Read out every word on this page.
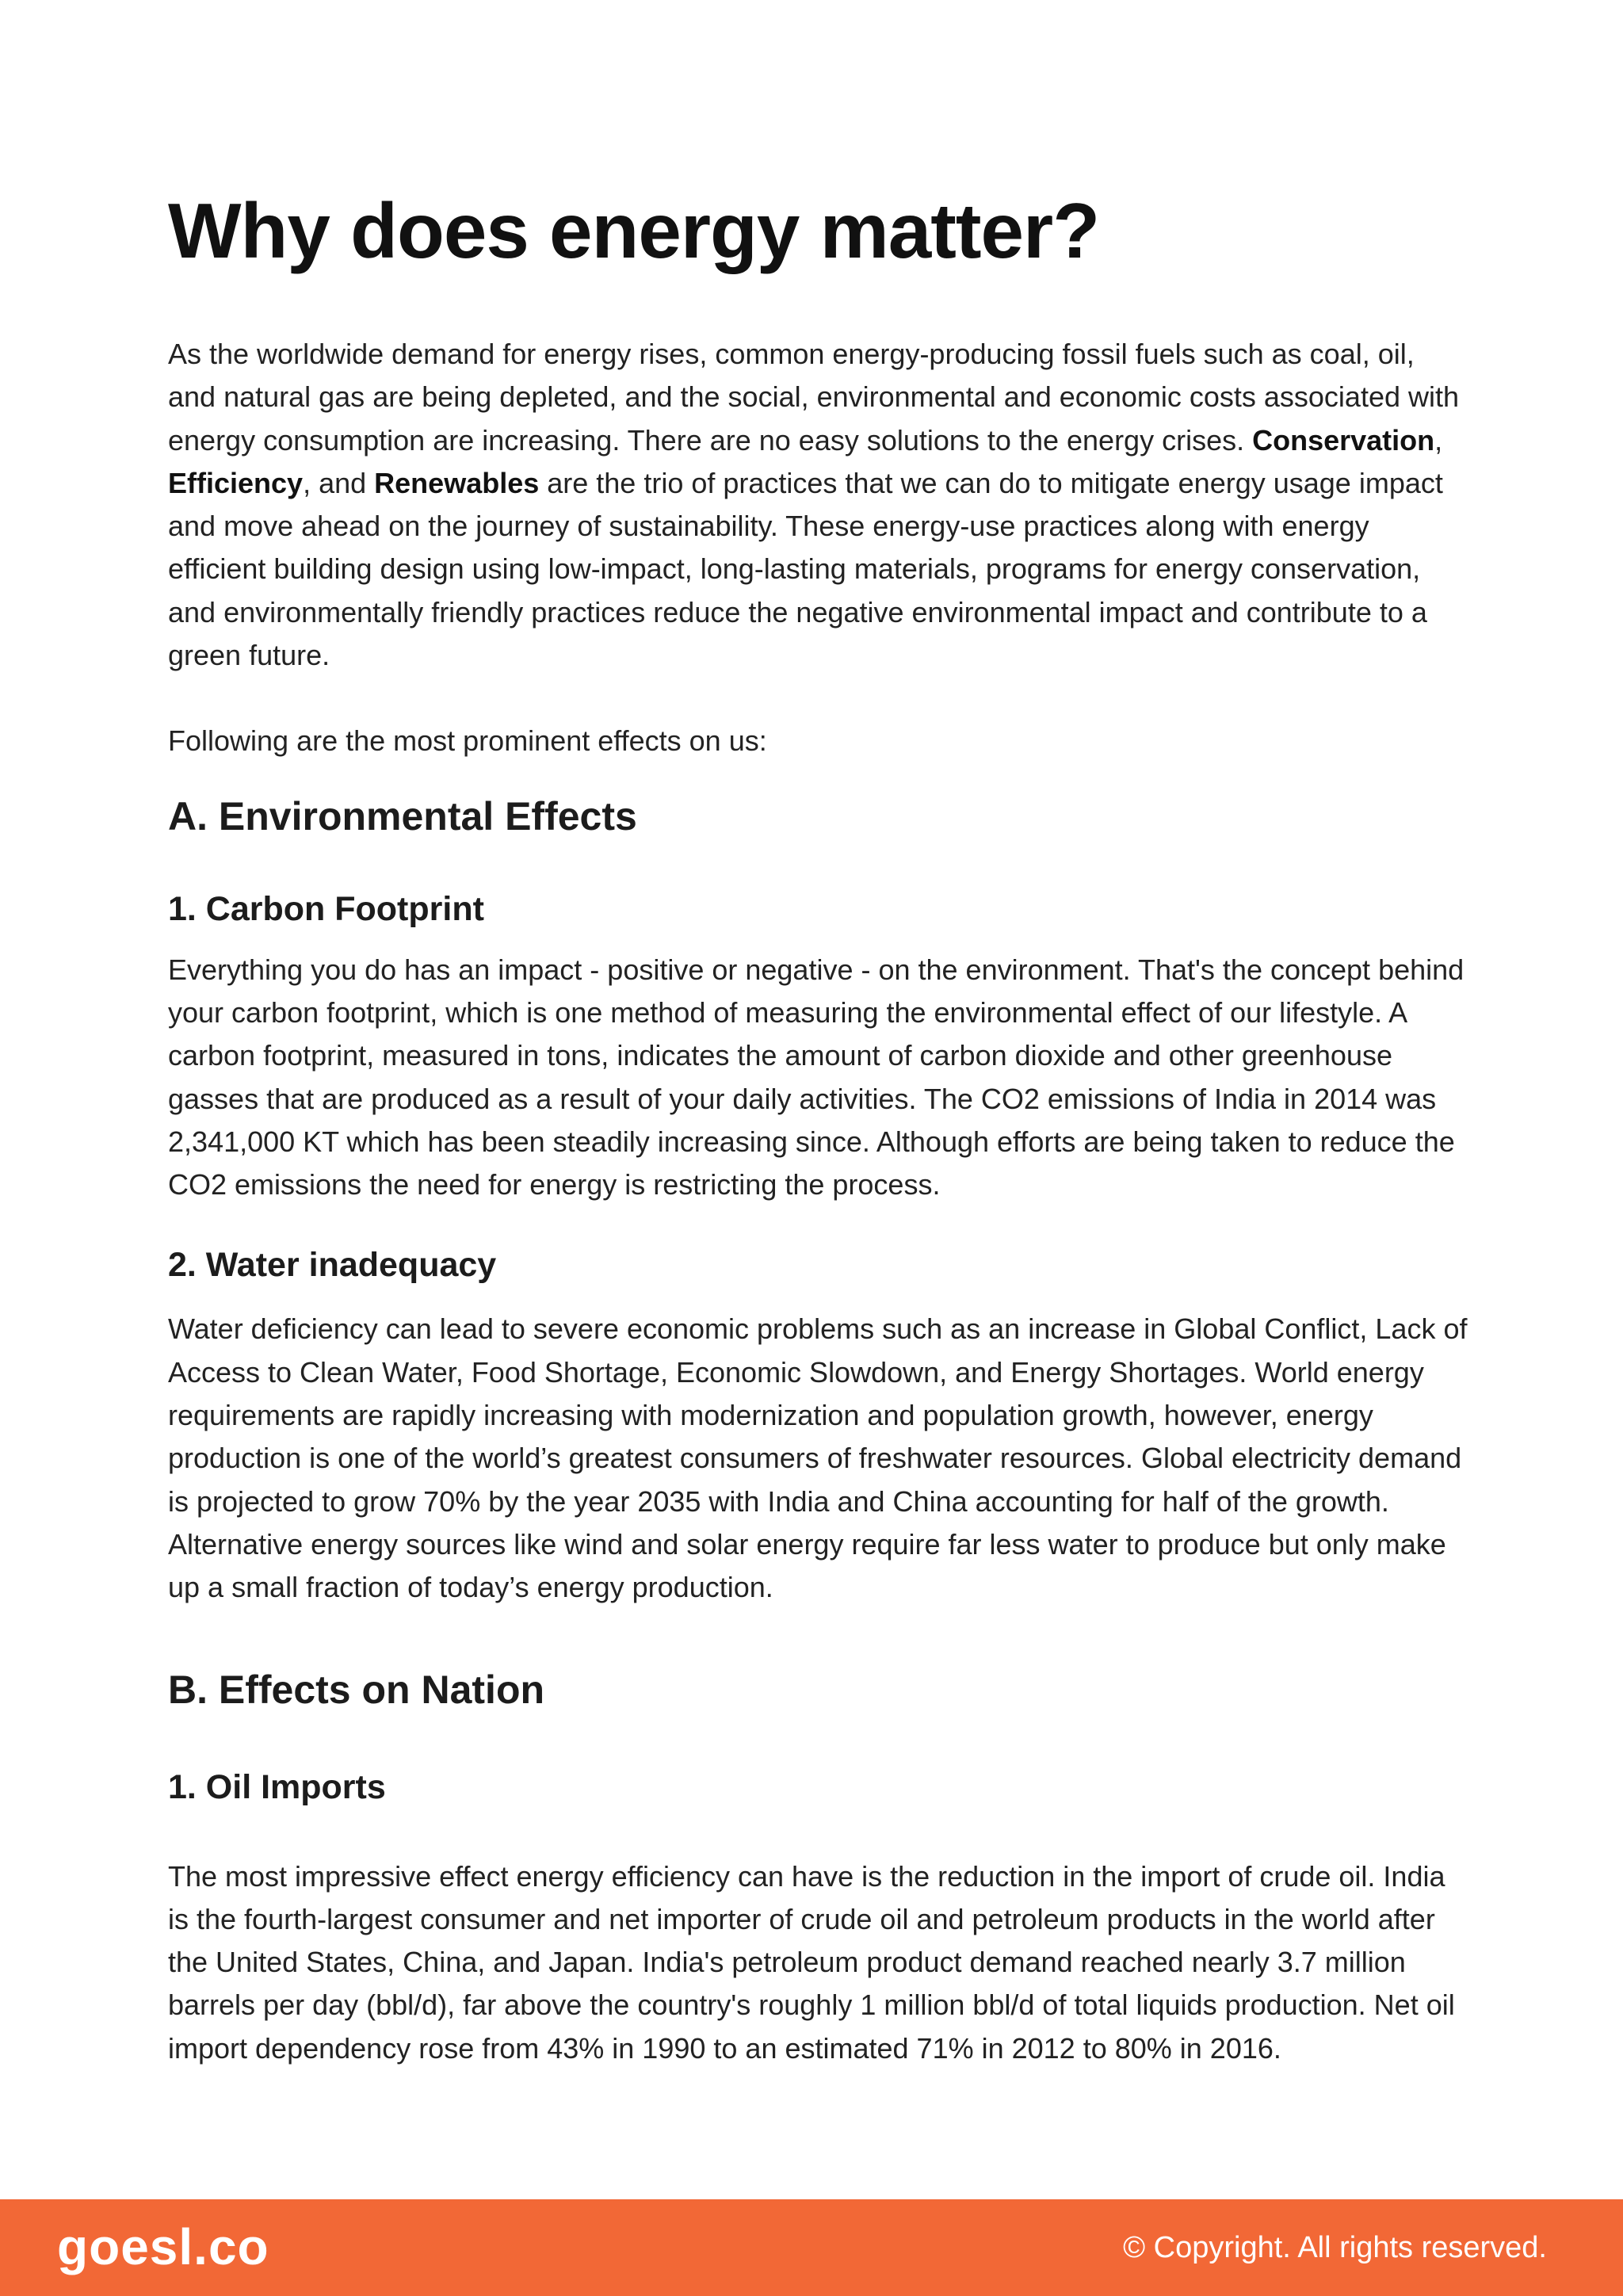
Why does energy matter?

As the worldwide demand for energy rises, common energy-producing fossil fuels such as coal, oil, and natural gas are being depleted, and the social, environmental and economic costs associated with energy consumption are increasing. There are no easy solutions to the energy crises. Conservation, Efficiency, and Renewables are the trio of practices that we can do to mitigate energy usage impact and move ahead on the journey of sustainability. These energy-use practices along with energy efficient building design using low-impact, long-lasting materials, programs for energy conservation, and environmentally friendly practices reduce the negative environmental impact and contribute to a green future.

Following are the most prominent effects on us:

A. Environmental Effects
1. Carbon Footprint

Everything you do has an impact - positive or negative - on the environment. That's the concept behind your carbon footprint, which is one method of measuring the environmental effect of our lifestyle. A carbon footprint, measured in tons, indicates the amount of carbon dioxide and other greenhouse gasses that are produced as a result of your daily activities. The CO2 emissions of India in 2014 was 2,341,000 KT which has been steadily increasing since. Although efforts are being taken to reduce the CO2 emissions the need for energy is restricting the process.

2. Water inadequacy

Water deficiency can lead to severe economic problems such as an increase in Global Conflict, Lack of Access to Clean Water, Food Shortage, Economic Slowdown, and Energy Shortages. World energy requirements are rapidly increasing with modernization and population growth, however, energy production is one of the world’s greatest consumers of freshwater resources. Global electricity demand is projected to grow 70% by the year 2035 with India and China accounting for half of the growth. Alternative energy sources like wind and solar energy require far less water to produce but only make up a small fraction of today’s energy production.

B. Effects on Nation
1. Oil Imports

The most impressive effect energy efficiency can have is the reduction in the import of crude oil. India is the fourth-largest consumer and net importer of crude oil and petroleum products in the world after the United States, China, and Japan. India's petroleum product demand reached nearly 3.7 million barrels per day (bbl/d), far above the country's roughly 1 million bbl/d of total liquids production. Net oil import dependency rose from 43% in 1990 to an estimated 71% in 2012 to 80% in 2016.

goesl.co	© Copyright. All rights reserved.
